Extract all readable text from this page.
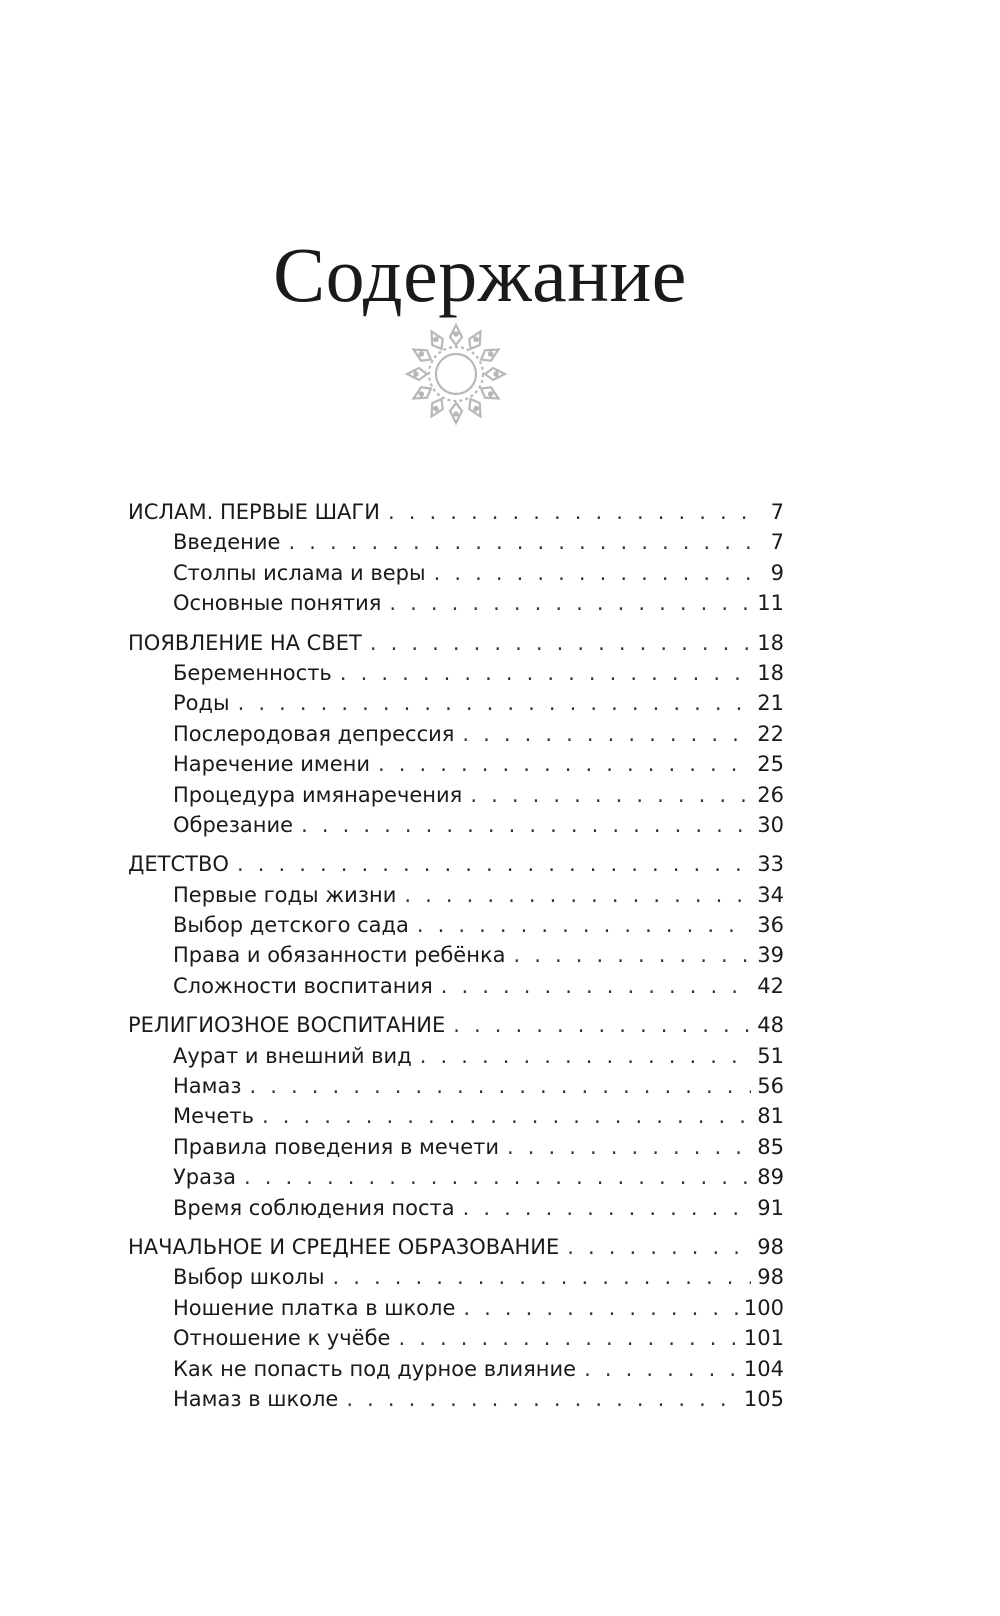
Содержание
ИСЛАМ. ПЕРВЫЕ ШАГИ . . .	7
Введение . . .	7
Столпы ислама и веры . . .	9
Основные понятия . . .	11
ПОЯВЛЕНИЕ НА СВЕТ . . .	18
Беременность . . .	18
Роды . . .	21
Послеродовая депрессия . . .	22
Наречение имени . . .	25
Процедура имянаречения . . .	26
Обрезание . . .	30
ДЕТСТВО . . .	33
Первые годы жизни . . .	34
Выбор детского сада . . .	36
Права и обязанности ребёнка . . .	39
Сложности воспитания . . .	42
РЕЛИГИОЗНОЕ ВОСПИТАНИЕ . . .	48
Аурат и внешний вид . . .	51
Намаз . . .	56
Мечеть . . .	81
Правила поведения в мечети . . .	85
Ураза . . .	89
Время соблюдения поста . . .	91
НАЧАЛЬНОЕ И СРЕДНЕЕ ОБРАЗОВАНИЕ . . .	98
Выбор школы . . .	98
Ношение платка в школе . . .	100
Отношение к учёбе . . .	101
Как не попасть под дурное влияние . . .	104
Намаз в школе . . .	105
